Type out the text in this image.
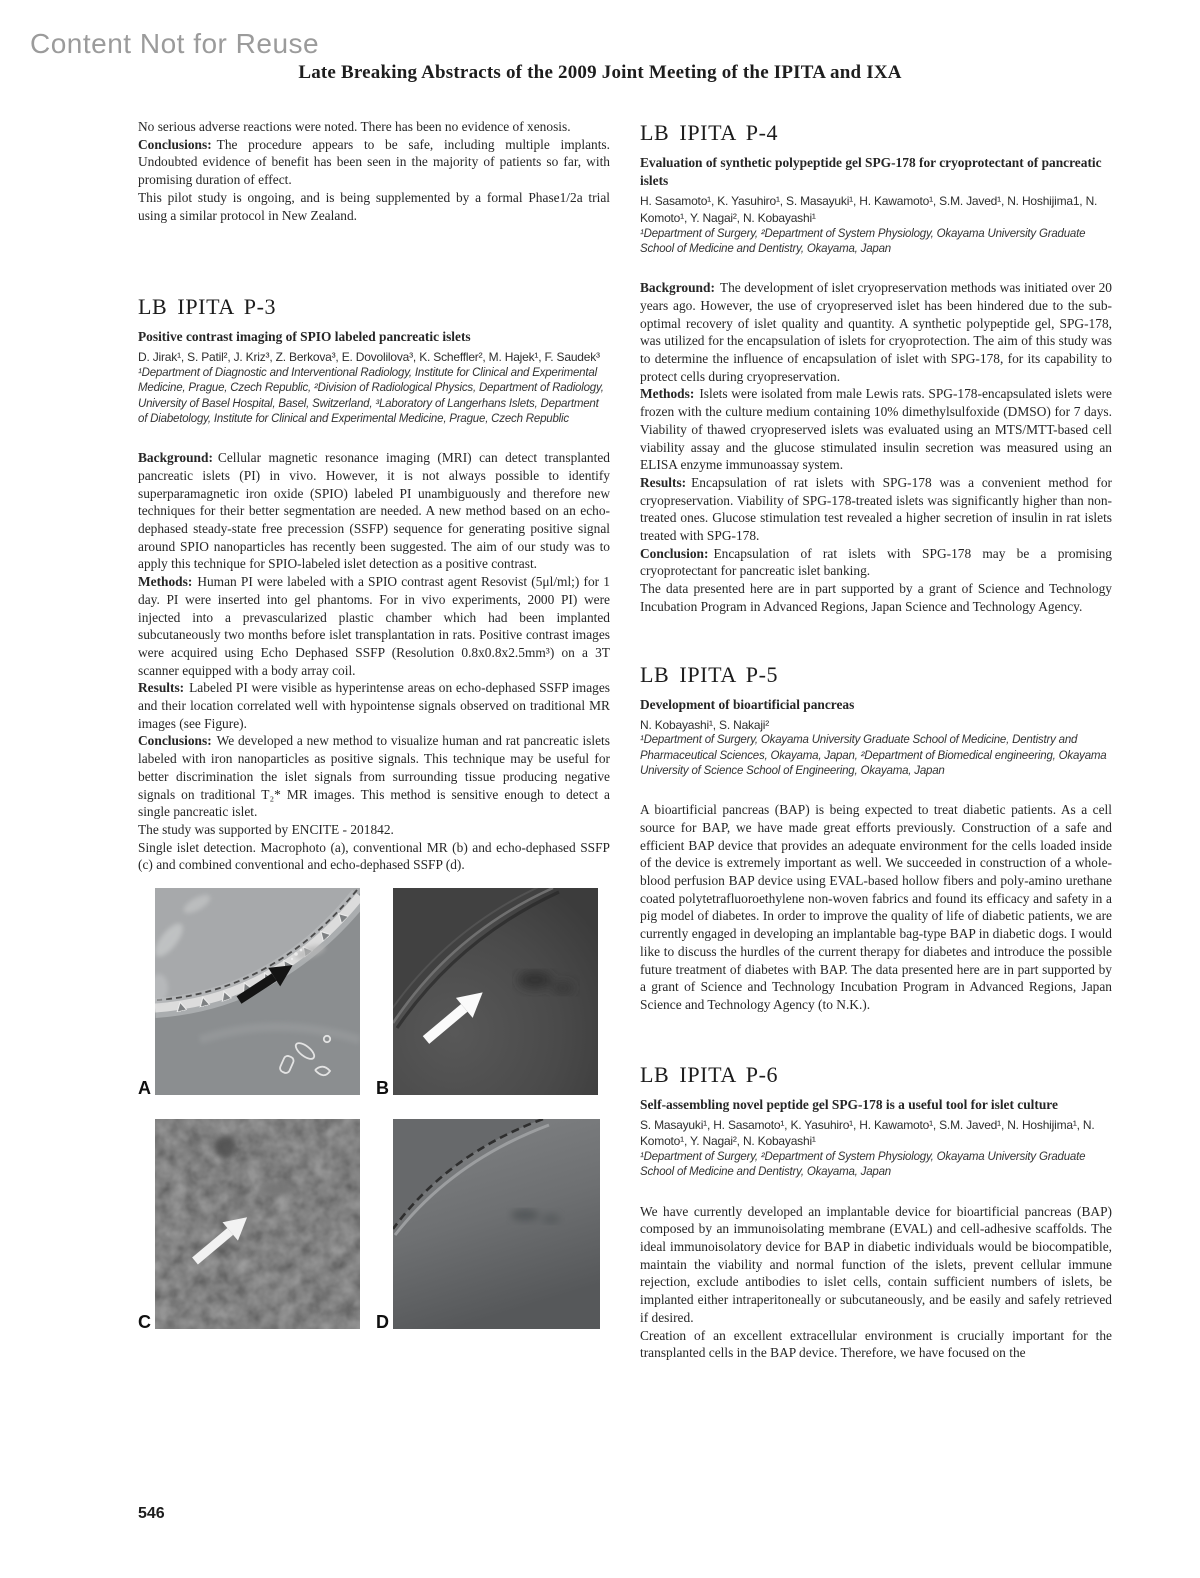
Content Not for Reuse
Late Breaking Abstracts of the 2009 Joint Meeting of the IPITA and IXA

No serious adverse reactions were noted. There has been no evidence of xenosis.

Conclusions: The procedure appears to be safe, including multiple implants. Undoubted evidence of benefit has been seen in the majority of patients so far, with promising duration of effect.

This pilot study is ongoing, and is being supplemented by a formal Phase1/2a trial using a similar protocol in New Zealand.

LB IPITA P-3

Positive contrast imaging of SPIO labeled pancreatic islets

D. Jirak¹, S. Patil², J. Kriz³, Z. Berkova³, E. Dovolilova³, K. Scheffler², M. Hajek¹, F. Saudek³

¹Department of Diagnostic and Interventional Radiology, Institute for Clinical and Experimental Medicine, Prague, Czech Republic, ²Division of Radiological Physics, Department of Radiology, University of Basel Hospital, Basel, Switzerland, ³Laboratory of Langerhans Islets, Department of Diabetology, Institute for Clinical and Experimental Medicine, Prague, Czech Republic

Background: Cellular magnetic resonance imaging (MRI) can detect transplanted pancreatic islets (PI) in vivo. However, it is not always possible to identify superparamagnetic iron oxide (SPIO) labeled PI unambiguously and therefore new techniques for their better segmentation are needed. A new method based on an echo-dephased steady-state free precession (SSFP) sequence for generating positive signal around SPIO nanoparticles has recently been suggested. The aim of our study was to apply this technique for SPIO-labeled islet detection as a positive contrast.

Methods: Human PI were labeled with a SPIO contrast agent Resovist (5μl/ml;) for 1 day. PI were inserted into gel phantoms. For in vivo experiments, 2000 PI) were injected into a prevascularized plastic chamber which had been implanted subcutaneously two months before islet transplantation in rats. Positive contrast images were acquired using Echo Dephased SSFP (Resolution 0.8x0.8x2.5mm³) on a 3T scanner equipped with a body array coil.

Results: Labeled PI were visible as hyperintense areas on echo-dephased SSFP images and their location correlated well with hypointense signals observed on traditional MR images (see Figure).

Conclusions: We developed a new method to visualize human and rat pancreatic islets labeled with iron nanoparticles as positive signals. This technique may be useful for better discrimination the islet signals from surrounding tissue producing negative signals on traditional T₂* MR images. This method is sensitive enough to detect a single pancreatic islet.

The study was supported by ENCITE - 201842.

Single islet detection. Macrophoto (a), conventional MR (b) and echo-dephased SSFP (c) and combined conventional and echo-dephased SSFP (d).

A	B
C	D
LB IPITA P-4

Evaluation of synthetic polypeptide gel SPG-178 for cryoprotectant of pancreatic islets

H. Sasamoto¹, K. Yasuhiro¹, S. Masayuki¹, H. Kawamoto¹, S.M. Javed¹, N. Hoshijima1, N. Komoto¹, Y. Nagai², N. Kobayashi¹

¹Department of Surgery, ²Department of System Physiology, Okayama University Graduate School of Medicine and Dentistry, Okayama, Japan

Background: The development of islet cryopreservation methods was initiated over 20 years ago. However, the use of cryopreserved islet has been hindered due to the sub-optimal recovery of islet quality and quantity. A synthetic polypeptide gel, SPG-178, was utilized for the encapsulation of islets for cryoprotection. The aim of this study was to determine the influence of encapsulation of islet with SPG-178, for its capability to protect cells during cryopreservation.

Methods: Islets were isolated from male Lewis rats. SPG-178-encapsulated islets were frozen with the culture medium containing 10% dimethylsulfoxide (DMSO) for 7 days. Viability of thawed cryopreserved islets was evaluated using an MTS/MTT-based cell viability assay and the glucose stimulated insulin secretion was measured using an ELISA enzyme immunoassay system.

Results: Encapsulation of rat islets with SPG-178 was a convenient method for cryopreservation. Viability of SPG-178-treated islets was significantly higher than non-treated ones. Glucose stimulation test revealed a higher secretion of insulin in rat islets treated with SPG-178.

Conclusion: Encapsulation of rat islets with SPG-178 may be a promising cryoprotectant for pancreatic islet banking.

The data presented here are in part supported by a grant of Science and Technology Incubation Program in Advanced Regions, Japan Science and Technology Agency.

LB IPITA P-5

Development of bioartificial pancreas

N. Kobayashi¹, S. Nakaji²

¹Department of Surgery, Okayama University Graduate School of Medicine, Dentistry and Pharmaceutical Sciences, Okayama, Japan, ²Department of Biomedical engineering, Okayama University of Science School of Engineering, Okayama, Japan

A bioartificial pancreas (BAP) is being expected to treat diabetic patients. As a cell source for BAP, we have made great efforts previously. Construction of a safe and efficient BAP device that provides an adequate environment for the cells loaded inside of the device is extremely important as well. We succeeded in construction of a whole-blood perfusion BAP device using EVAL-based hollow fibers and poly-amino urethane coated polytetrafluoroethylene non-woven fabrics and found its efficacy and safety in a pig model of diabetes. In order to improve the quality of life of diabetic patients, we are currently engaged in developing an implantable bag-type BAP in diabetic dogs. I would like to discuss the hurdles of the current therapy for diabetes and introduce the possible future treatment of diabetes with BAP. The data presented here are in part supported by a grant of Science and Technology Incubation Program in Advanced Regions, Japan Science and Technology Agency (to N.K.).

LB IPITA P-6

Self-assembling novel peptide gel SPG-178 is a useful tool for islet culture

S. Masayuki¹, H. Sasamoto¹, K. Yasuhiro¹, H. Kawamoto¹, S.M. Javed¹, N. Hoshijima¹, N. Komoto¹, Y. Nagai², N. Kobayashi¹

¹Department of Surgery, ²Department of System Physiology, Okayama University Graduate School of Medicine and Dentistry, Okayama, Japan

We have currently developed an implantable device for bioartificial pancreas (BAP) composed by an immunoisolating membrane (EVAL) and cell-adhesive scaffolds. The ideal immunoisolatory device for BAP in diabetic individuals would be biocompatible, maintain the viability and normal function of the islets, prevent cellular immune rejection, exclude antibodies to islet cells, contain sufficient numbers of islets, be implanted either intraperitoneally or subcutaneously, and be easily and safely retrieved if desired.

Creation of an excellent extracellular environment is crucially important for the transplanted cells in the BAP device. Therefore, we have focused on the

546
